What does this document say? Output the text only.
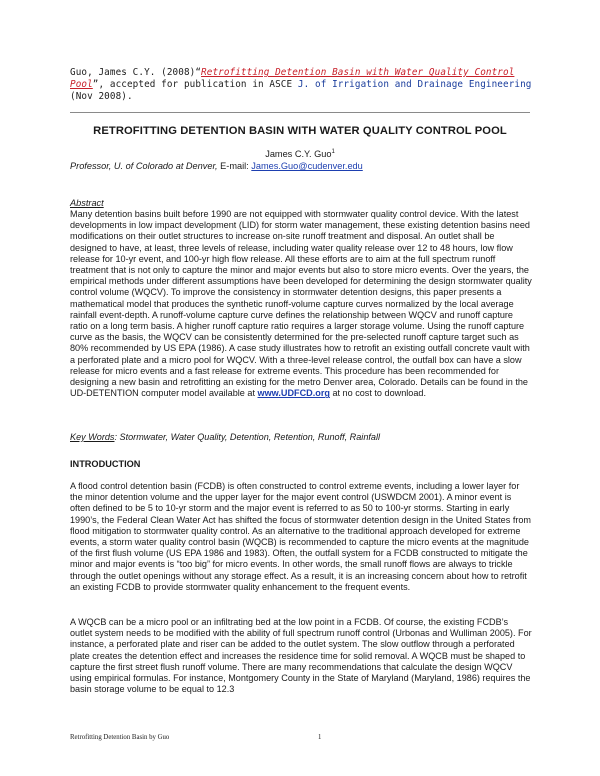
Guo, James C.Y. (2008)“Retrofitting Detention Basin with Water Quality Control Pool”, accepted for publication in ASCE J. of Irrigation and Drainage Engineering (Nov 2008).
RETROFITTING DETENTION BASIN WITH WATER QUALITY CONTROL POOL
James C.Y. Guo$^1$
Professor, U. of Colorado at Denver, E-mail: James.Guo@cudenver.edu
Abstract
Many detention basins built before 1990 are not equipped with stormwater quality control device. With the latest developments in low impact development (LID) for storm water management, these existing detention basins need modifications on their outlet structures to increase on-site runoff treatment and disposal. An outlet shall be designed to have, at least, three levels of release, including water quality release over 12 to 48 hours, low flow release for 10-yr event, and 100-yr high flow release. All these efforts are to aim at the full spectrum runoff treatment that is not only to capture the minor and major events but also to store micro events. Over the years, the empirical methods under different assumptions have been developed for determining the design stormwater quality control volume (WQCV). To improve the consistency in stormwater detention designs, this paper presents a mathematical model that produces the synthetic runoff-volume capture curves normalized by the local average rainfall event-depth. A runoff-volume capture curve defines the relationship between WQCV and runoff capture ratio on a long term basis. A higher runoff capture ratio requires a larger storage volume. Using the runoff capture curve as the basis, the WQCV can be consistently determined for the pre-selected runoff capture target such as 80% recommended by US EPA (1986). A case study illustrates how to retrofit an existing outfall concrete vault with a perforated plate and a micro pool for WQCV. With a three-level release control, the outfall box can have a slow release for micro events and a fast release for extreme events. This procedure has been recommended for designing a new basin and retrofitting an existing for the metro Denver area, Colorado. Details can be found in the UD-DETENTION computer model available at www.UDFCD.org at no cost to download.
Key Words: Stormwater, Water Quality, Detention, Retention, Runoff, Rainfall
INTRODUCTION
A flood control detention basin (FCDB) is often constructed to control extreme events, including a lower layer for the minor detention volume and the upper layer for the major event control (USWDCM 2001). A minor event is often defined to be 5 to 10-yr storm and the major event is referred to as 50 to 100-yr storms. Starting in early 1990’s, the Federal Clean Water Act has shifted the focus of stormwater detention design in the United States from flood mitigation to stormwater quality control. As an alternative to the traditional approach developed for extreme events, a storm water quality control basin (WQCB) is recommended to capture the micro events at the magnitude of the first flush volume (US EPA 1986 and 1983). Often, the outfall system for a FCDB constructed to mitigate the minor and major events is “too big” for micro events. In other words, the small runoff flows are always to trickle through the outlet openings without any storage effect. As a result, it is an increasing concern about how to retrofit an existing FCDB to provide stormwater quality enhancement to the frequent events.
A WQCB can be a micro pool or an infiltrating bed at the low point in a FCDB. Of course, the existing FCDB’s outlet system needs to be modified with the ability of full spectrum runoff control (Urbonas and Wulliman 2005). For instance, a perforated plate and riser can be added to the outlet system. The slow outflow through a perforated plate creates the detention effect and increases the residence time for solid removal. A WQCB must be shaped to capture the first street flush runoff volume. There are many recommendations that calculate the design WQCV using empirical formulas. For instance, Montgomery County in the State of Maryland (Maryland, 1986) requires the basin storage volume to be equal to 12.3
Retrofitting Detention Basin by Guo	1
